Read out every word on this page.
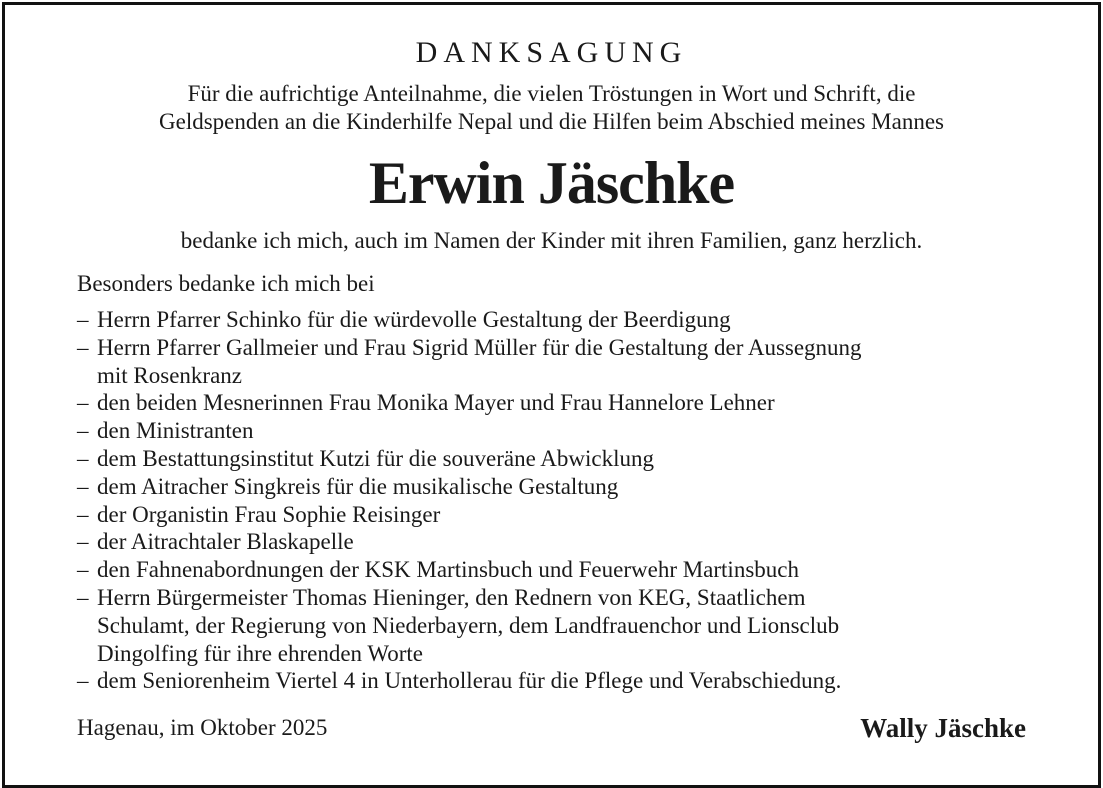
DANKSAGUNG
Für die aufrichtige Anteilnahme, die vielen Tröstungen in Wort und Schrift, die
Geldspenden an die Kinderhilfe Nepal und die Hilfen beim Abschied meines Mannes
Erwin Jäschke
bedanke ich mich, auch im Namen der Kinder mit ihren Familien, ganz herzlich.
Besonders bedanke ich mich bei
– Herrn Pfarrer Schinko für die würdevolle Gestaltung der Beerdigung
– Herrn Pfarrer Gallmeier und Frau Sigrid Müller für die Gestaltung der Aussegnung
mit Rosenkranz
– den beiden Mesnerinnen Frau Monika Mayer und Frau Hannelore Lehner
– den Ministranten
– dem Bestattungsinstitut Kutzi für die souveräne Abwicklung
– dem Aitracher Singkreis für die musikalische Gestaltung
– der Organistin Frau Sophie Reisinger
– der Aitrachtaler Blaskapelle
– den Fahnenabordnungen der KSK Martinsbuch und Feuerwehr Martinsbuch
– Herrn Bürgermeister Thomas Hieninger, den Rednern von KEG, Staatlichem
Schulamt, der Regierung von Niederbayern, dem Landfrauenchor und Lionsclub
Dingolfing für ihre ehrenden Worte
– dem Seniorenheim Viertel 4 in Unterhollerau für die Pflege und Verabschiedung.
Hagenau, im Oktober 2025	Wally Jäschke
